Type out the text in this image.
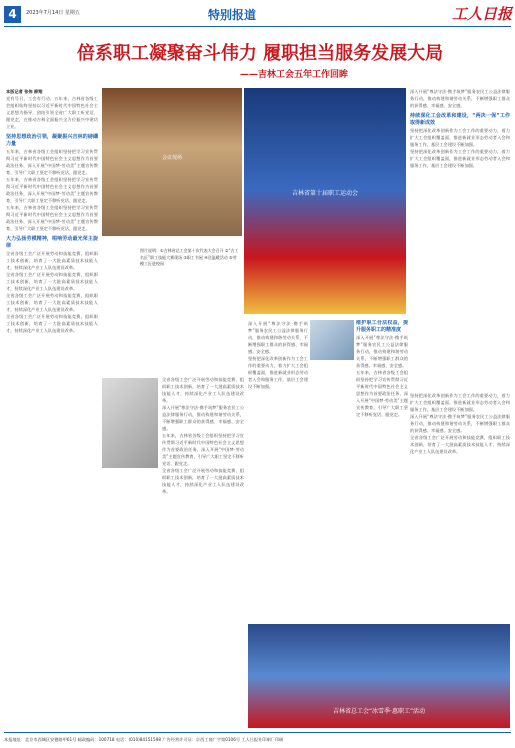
4	2023年7月14日 星期五	特别报道	工人日报
倍系职工凝聚奋斗伟力 履职担当服务发展大局
——吉林工会五年工作回眸
本版记者 张伟 柳翔
党有号召，工会有行动。五年来，吉林省各级工会组织始终坚持以习近平新时代中国特色社会主义思想为指导，团结引领全省广大职工听党话、跟党走，在推动吉林全面振兴全方位振兴中建功立业。
坚持思想政治引领，凝聚振兴吉林的磅礴力量
五年来，吉林省各级工会组织坚持把学习宣传贯彻习近平新时代中国特色社会主义思想作为首要政治任务，深入开展“中国梦·劳动美”主题宣传教育，引导广大职工坚定不移听党话、跟党走。
五年来，吉林省各级工会组织坚持把学习宣传贯彻习近平新时代中国特色社会主义思想作为首要政治任务，深入开展“中国梦·劳动美”主题宣传教育，引导广大职工坚定不移听党话、跟党走。
五年来，吉林省各级工会组织坚持把学习宣传贯彻习近平新时代中国特色社会主义思想作为首要政治任务，深入开展“中国梦·劳动美”主题宣传教育，引导广大职工坚定不移听党话、跟党走。
大力弘扬劳模精神，唱响劳动最光荣主旋律
全省各级工会广泛开展劳动和技能竞赛，组织职工技术创新，培育了一大批高素质技术技能人才，持续深化产业工人队伍建设改革。
全省各级工会广泛开展劳动和技能竞赛，组织职工技术创新，培育了一大批高素质技术技能人才，持续深化产业工人队伍建设改革。
全省各级工会广泛开展劳动和技能竞赛，组织职工技术创新，培育了一大批高素质技术技能人才，持续深化产业工人队伍建设改革。
全省各级工会广泛开展劳动和技能竞赛，组织职工技术创新，培育了一大批高素质技术技能人才，持续深化产业工人队伍建设改革。
会议现场
图片说明：①吉林省总工会第十次代表大会召开 ②“吉工名匠”职工技能大赛现场 ③职工书屋 ④送温暖活动 ⑤劳模工匠进校园
吉林省第十届职工运动会
深入开展“尊法守法·携手筑梦”服务农民工公益法律服务行动，推动构建和谐劳动关系，不断增强职工群众的获得感、幸福感、安全感。
持续深化工会改革和建设，“两决一保”工作取得新成效
坚持把深化改革创新作为工会工作的重要动力，着力扩大工会组织覆盖面，推进新就业形态劳动者入会和服务工作，基层工会建设不断加强。
坚持把深化改革创新作为工会工作的重要动力，着力扩大工会组织覆盖面，推进新就业形态劳动者入会和服务工作，基层工会建设不断加强。
全省各级工会广泛开展劳动和技能竞赛，组织职工技术创新，培育了一大批高素质技术技能人才，持续深化产业工人队伍建设改革。
深入开展“尊法守法·携手筑梦”服务农民工公益法律服务行动，推动构建和谐劳动关系，不断增强职工群众的获得感、幸福感、安全感。
五年来，吉林省各级工会组织坚持把学习宣传贯彻习近平新时代中国特色社会主义思想作为首要政治任务，深入开展“中国梦·劳动美”主题宣传教育，引导广大职工坚定不移听党话、跟党走。
全省各级工会广泛开展劳动和技能竞赛，组织职工技术创新，培育了一大批高素质技术技能人才，持续深化产业工人队伍建设改革。
深入开展“尊法守法·携手筑梦”服务农民工公益法律服务行动，推动构建和谐劳动关系，不断增强职工群众的获得感、幸福感、安全感。
坚持把深化改革创新作为工会工作的重要动力，着力扩大工会组织覆盖面，推进新就业形态劳动者入会和服务工作，基层工会建设不断加强。
维护职工合法权益，提升服务职工的精准度
深入开展“尊法守法·携手筑梦”服务农民工公益法律服务行动，推动构建和谐劳动关系，不断增强职工群众的获得感、幸福感、安全感。
五年来，吉林省各级工会组织坚持把学习宣传贯彻习近平新时代中国特色社会主义思想作为首要政治任务，深入开展“中国梦·劳动美”主题宣传教育，引导广大职工坚定不移听党话、跟党走。
坚持把深化改革创新作为工会工作的重要动力，着力扩大工会组织覆盖面，推进新就业形态劳动者入会和服务工作，基层工会建设不断加强。
深入开展“尊法守法·携手筑梦”服务农民工公益法律服务行动，推动构建和谐劳动关系，不断增强职工群众的获得感、幸福感、安全感。
全省各级工会广泛开展劳动和技能竞赛，组织职工技术创新，培育了一大批高素质技术技能人才，持续深化产业工人队伍建设改革。
吉林省总工会“冰雪季·惠职工”活动
本报地址：北京市西城区安德路甲61号 邮政编码：100718 电话：(010)84151598 广告经营许可证：京西工商广字第0106号 工人日报社印刷厂印刷
